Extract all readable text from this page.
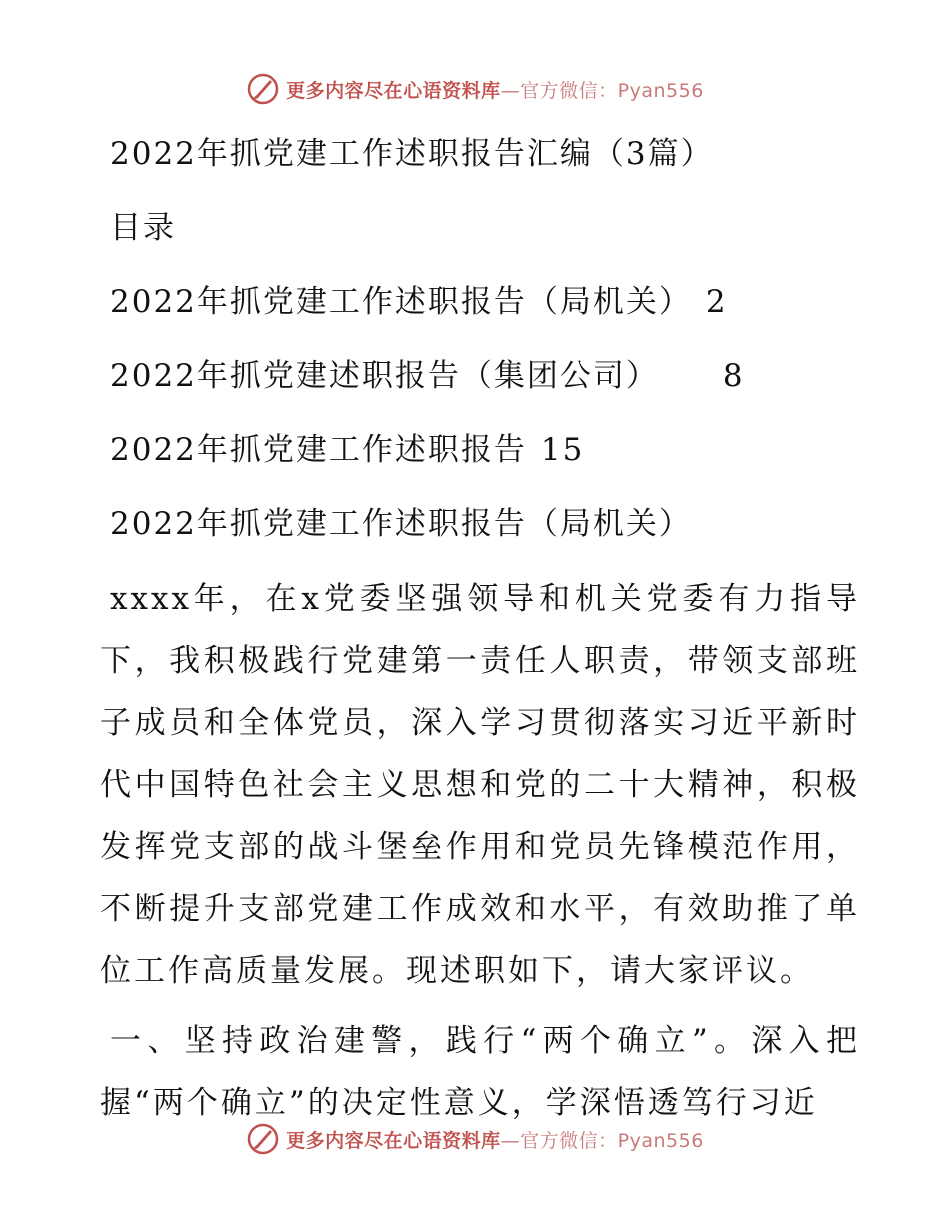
更多内容尽在心语资料库—官方微信：Pyan556
2022年抓党建工作述职报告汇编（3篇）
目录
2022年抓党建工作述职报告（局机关） 2
2022年抓党建述职报告（集团公司） 8
2022年抓党建工作述职报告 15
2022年抓党建工作述职报告（局机关）
xxxx年，在x党委坚强领导和机关党委有力指导下，我积极践行党建第一责任人职责，带领支部班子成员和全体党员，深入学习贯彻落实习近平新时代中国特色社会主义思想和党的二十大精神，积极发挥党支部的战斗堡垒作用和党员先锋模范作用，不断提升支部党建工作成效和水平，有效助推了单位工作高质量发展。现述职如下，请大家评议。
一、坚持政治建警，践行“两个确立”。深入把握“两个确立”的决定性意义，学深悟透笃行习近
更多内容尽在心语资料库—官方微信：Pyan556
